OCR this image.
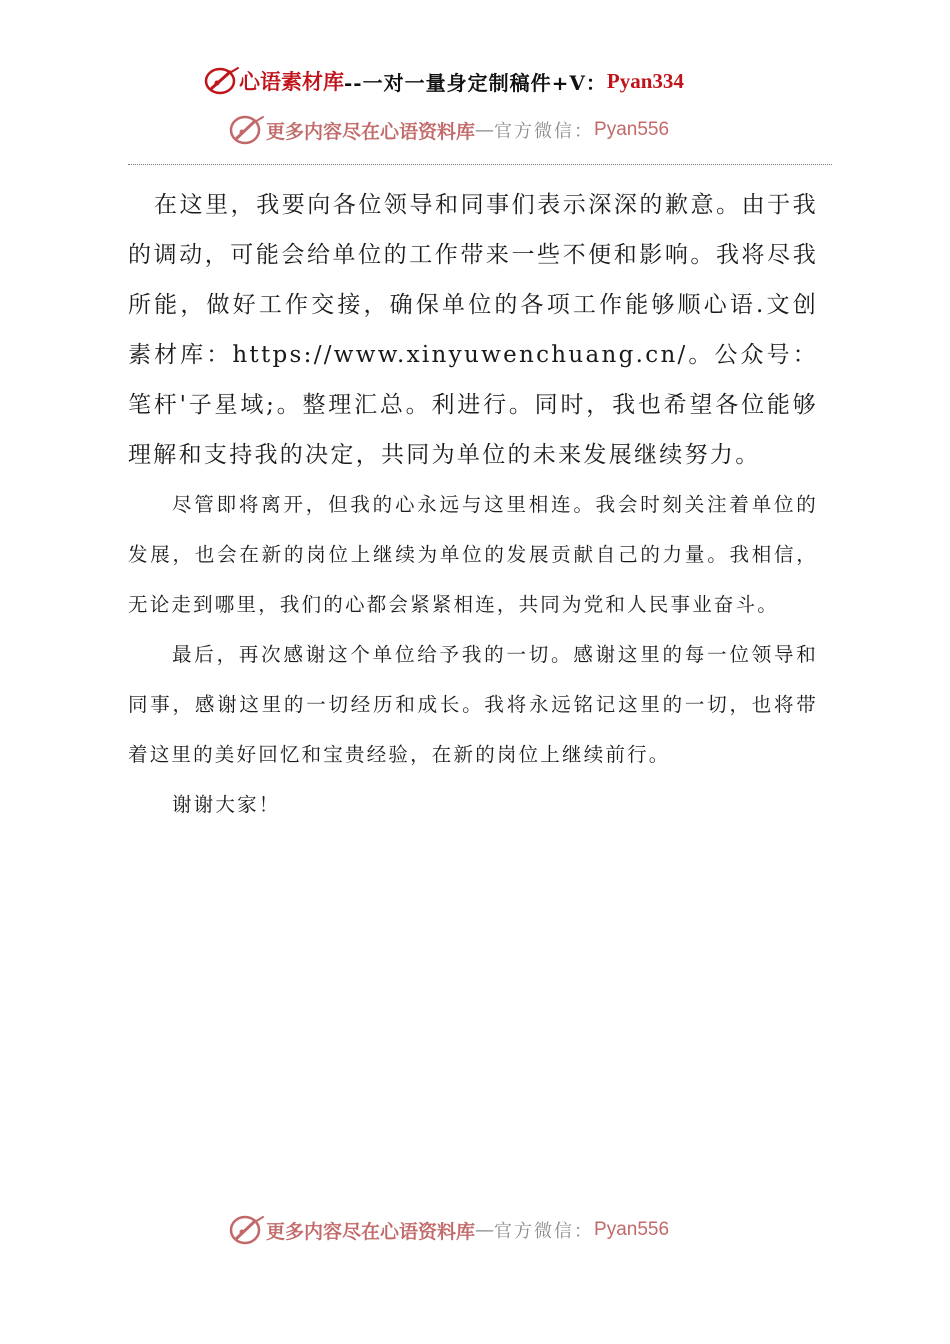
心语素材库 --一对一量身定制稿件+V： Pyan334
更多内容尽在心语资料库 — 官方微信： Pyan556

在这里，我要向各位领导和同事们表示深深的歉意。由于我的调动，可能会给单位的工作带来一些不便和影响。我将尽我所能，做好工作交接，确保单位的各项工作能够顺心语.文创素材库：https://www.xinyuwenchuang.cn/。公众号：笔杆'子星域;。整理汇总。利进行。同时，我也希望各位能够理解和支持我的决定，共同为单位的未来发展继续努力。

尽管即将离开，但我的心永远与这里相连。我会时刻关注着单位的发展，也会在新的岗位上继续为单位的发展贡献自己的力量。我相信，无论走到哪里，我们的心都会紧紧相连，共同为党和人民事业奋斗。

最后，再次感谢这个单位给予我的一切。感谢这里的每一位领导和同事，感谢这里的一切经历和成长。我将永远铭记这里的一切，也将带着这里的美好回忆和宝贵经验，在新的岗位上继续前行。

谢谢大家！

更多内容尽在心语资料库 — 官方微信： Pyan556
